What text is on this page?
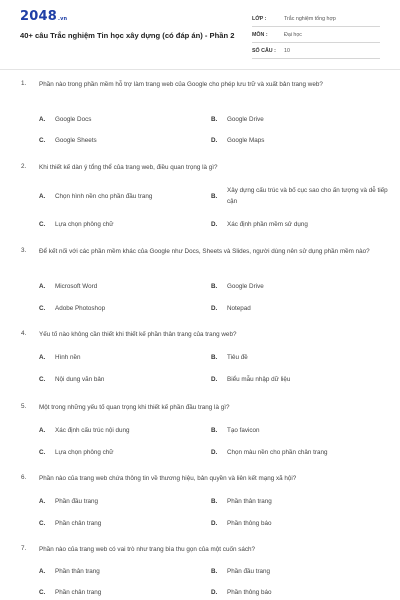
2048.vn
40+ câu Trắc nghiệm Tin học xây dựng (có đáp án) - Phần 2
LỚP :	Trắc nghiệm tổng hợp
MÔN :	Đại học
SỐ CÂU : 10
1. Phần nào trong phần mềm hỗ trợ làm trang web của Google cho phép lưu trữ và xuất bản trang web?
A. Google Docs	B. Google Drive
C. Google Sheets	D. Google Maps
2. Khi thiết kế dàn ý tổng thể của trang web, điều quan trọng là gì?
A. Chọn hình nền cho phần đầu trang	B.
Xây dựng cấu trúc và bố cục sao cho ấn tượng và dễ tiếp cận
C. Lựa chọn phông chữ	D. Xác định phần mềm sử dụng
3. Để kết nối với các phần mềm khác của Google như Docs, Sheets và Slides, người dùng nên sử dụng phần mềm nào?
A. Microsoft Word	B. Google Drive
C. Adobe Photoshop	D. Notepad
4. Yếu tố nào không cần thiết khi thiết kế phần thân trang của trang web?
A. Hình nền	B. Tiêu đề
C. Nội dung văn bản	D. Biểu mẫu nhập dữ liệu
5. Một trong những yếu tố quan trọng khi thiết kế phần đầu trang là gì?
A. Xác định cấu trúc nội dung	B. Tạo favicon
C. Lựa chọn phông chữ	D. Chọn màu nền cho phần chân trang
6. Phần nào của trang web chứa thông tin về thương hiệu, bản quyền và liên kết mạng xã hội?
A. Phần đầu trang	B. Phần thân trang
C. Phần chân trang	D. Phần thông báo
7. Phần nào của trang web có vai trò như trang bìa thu gọn của một cuốn sách?
A. Phần thân trang	B. Phần đầu trang
C. Phần chân trang	D. Phần thông báo
